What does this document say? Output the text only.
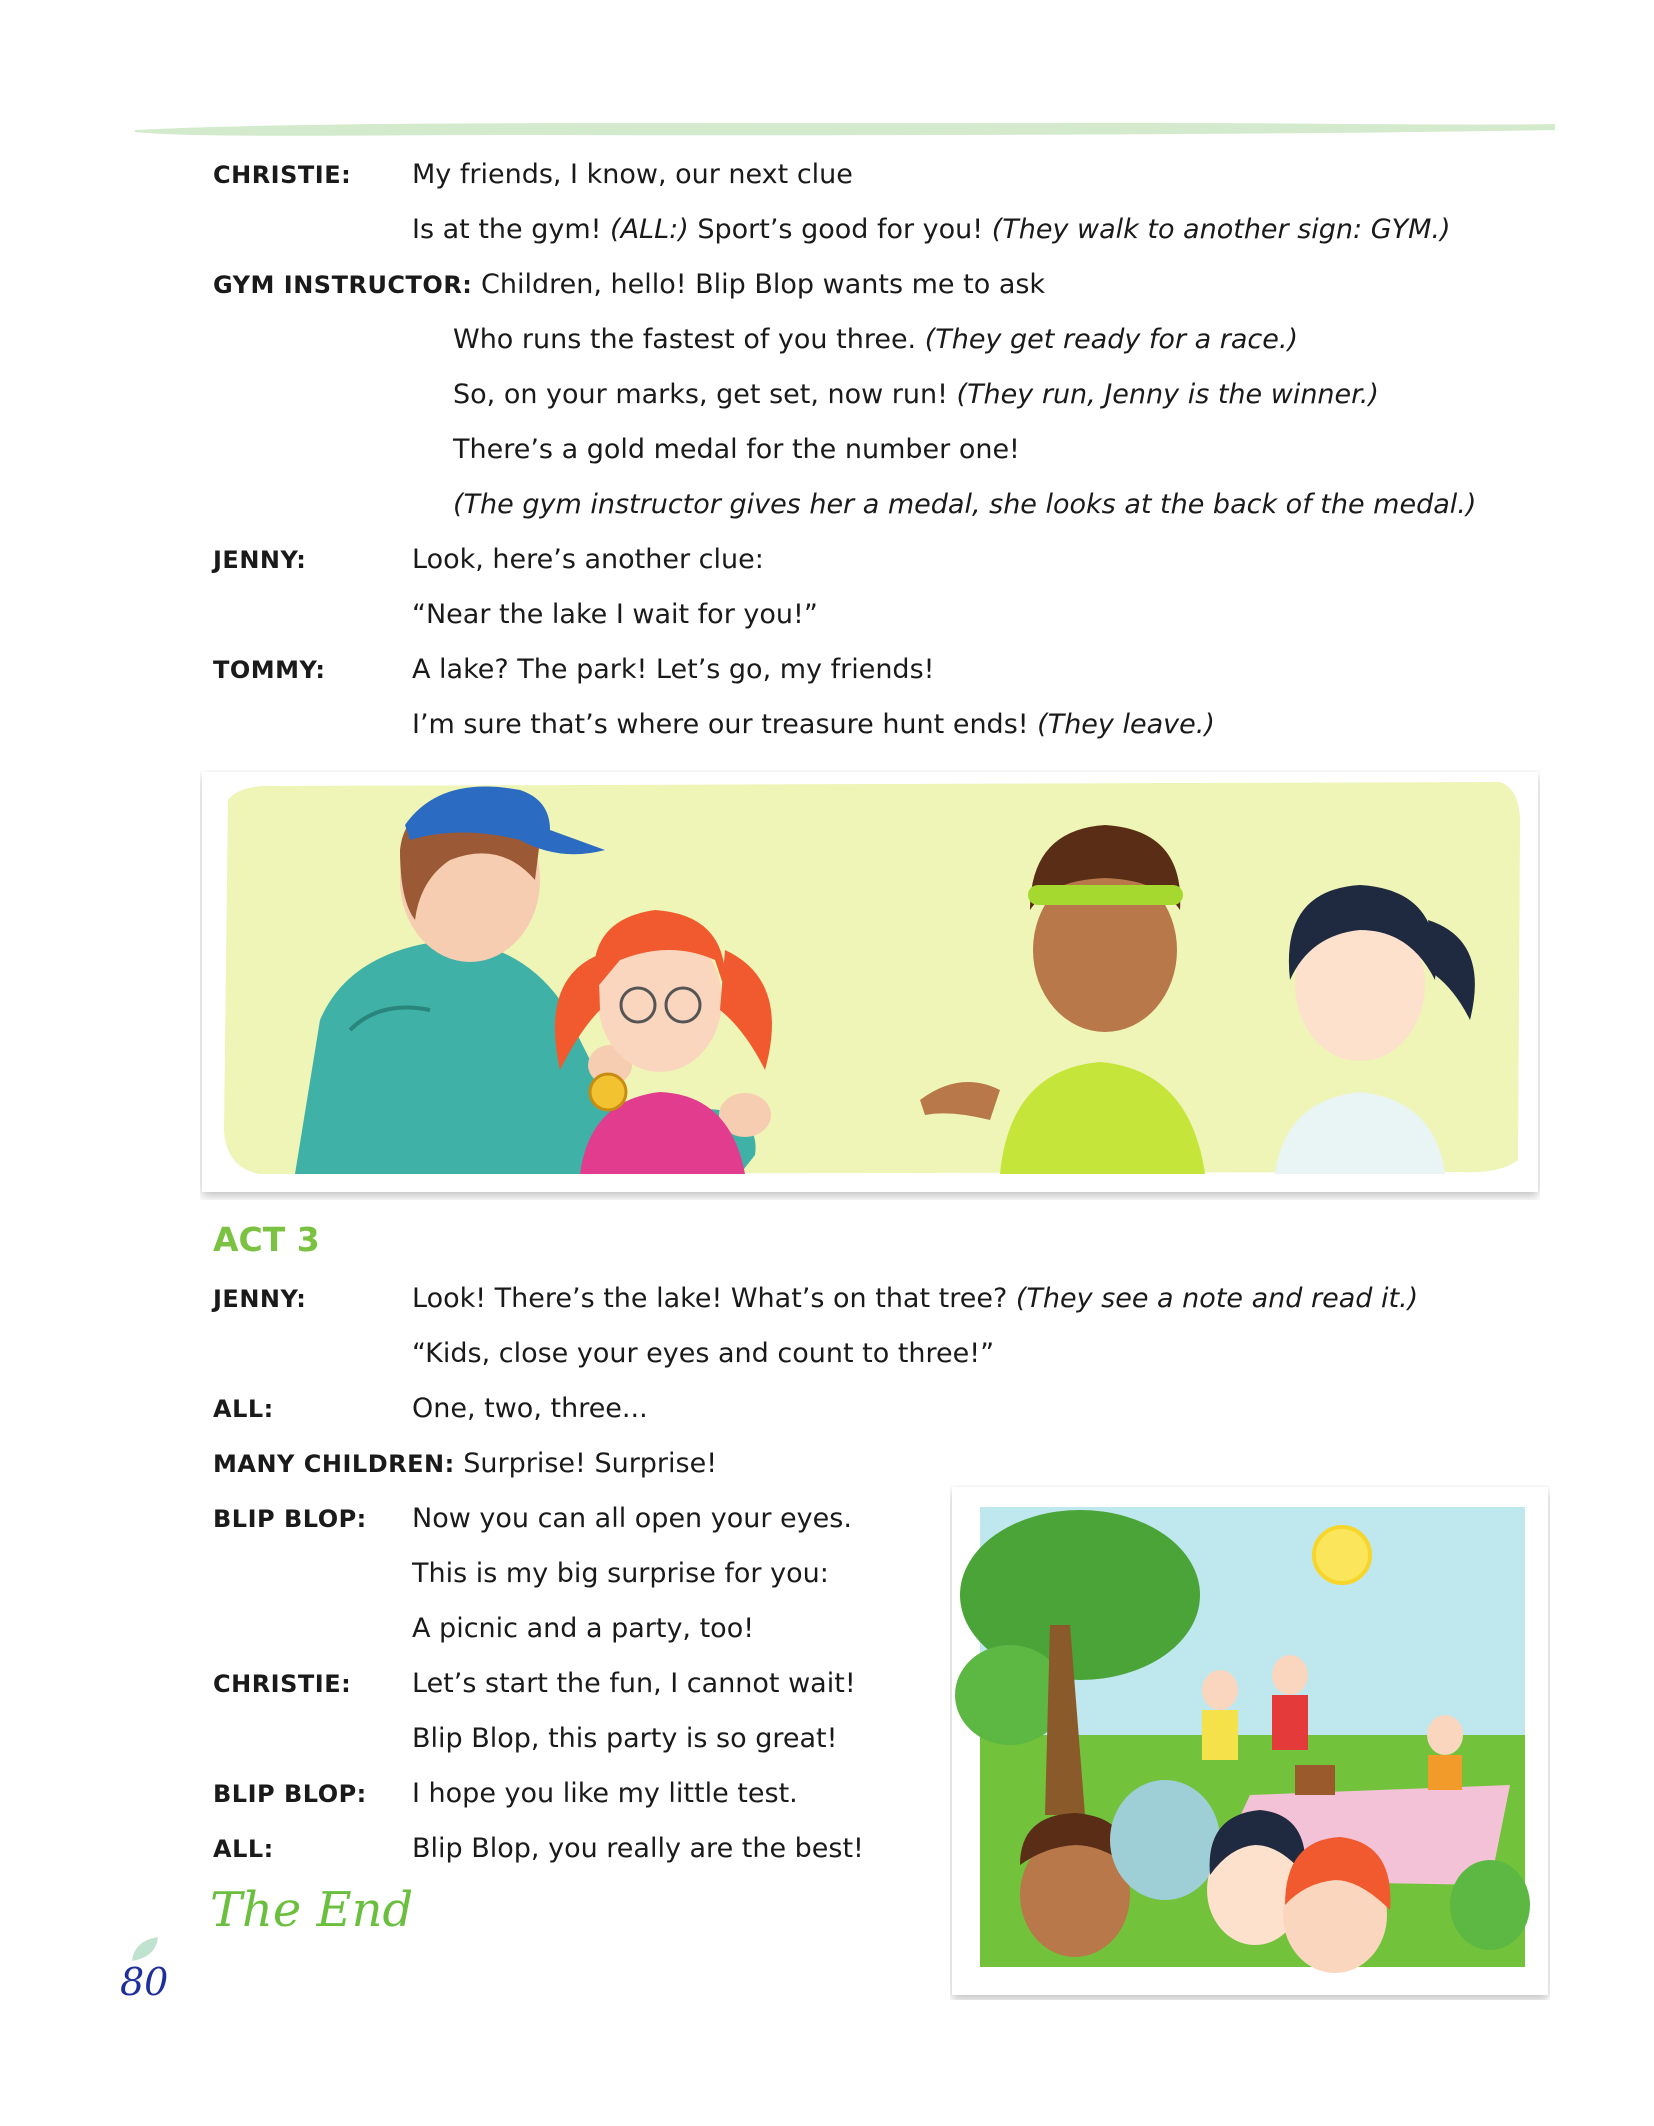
CHRISTIE: My friends, I know, our next clue
Is at the gym! (ALL:) Sport’s good for you! (They walk to another sign: GYM.)
GYM INSTRUCTOR: Children, hello! Blip Blop wants me to ask
Who runs the fastest of you three. (They get ready for a race.)
So, on your marks, get set, now run! (They run, Jenny is the winner.)
There’s a gold medal for the number one!
(The gym instructor gives her a medal, she looks at the back of the medal.)
JENNY:	Look, here’s another clue:
“Near the lake I wait for you!”
TOMMY:	A lake? The park! Let’s go, my friends!
I’m sure that’s where our treasure hunt ends! (They leave.)
ACT 3
JENNY:	Look! There’s the lake! What’s on that tree? (They see a note and read it.)
“Kids, close your eyes and count to three!”
ALL:	One, two, three...
MANY CHILDREN: Surprise! Surprise!
BLIP BLOP: Now you can all open your eyes.
This is my big surprise for you:
A picnic and a party, too!
CHRISTIE: Let’s start the fun, I cannot wait!
Blip Blop, this party is so great!
BLIP BLOP: I hope you like my little test.
ALL:	Blip Blop, you really are the best!
The End
80
